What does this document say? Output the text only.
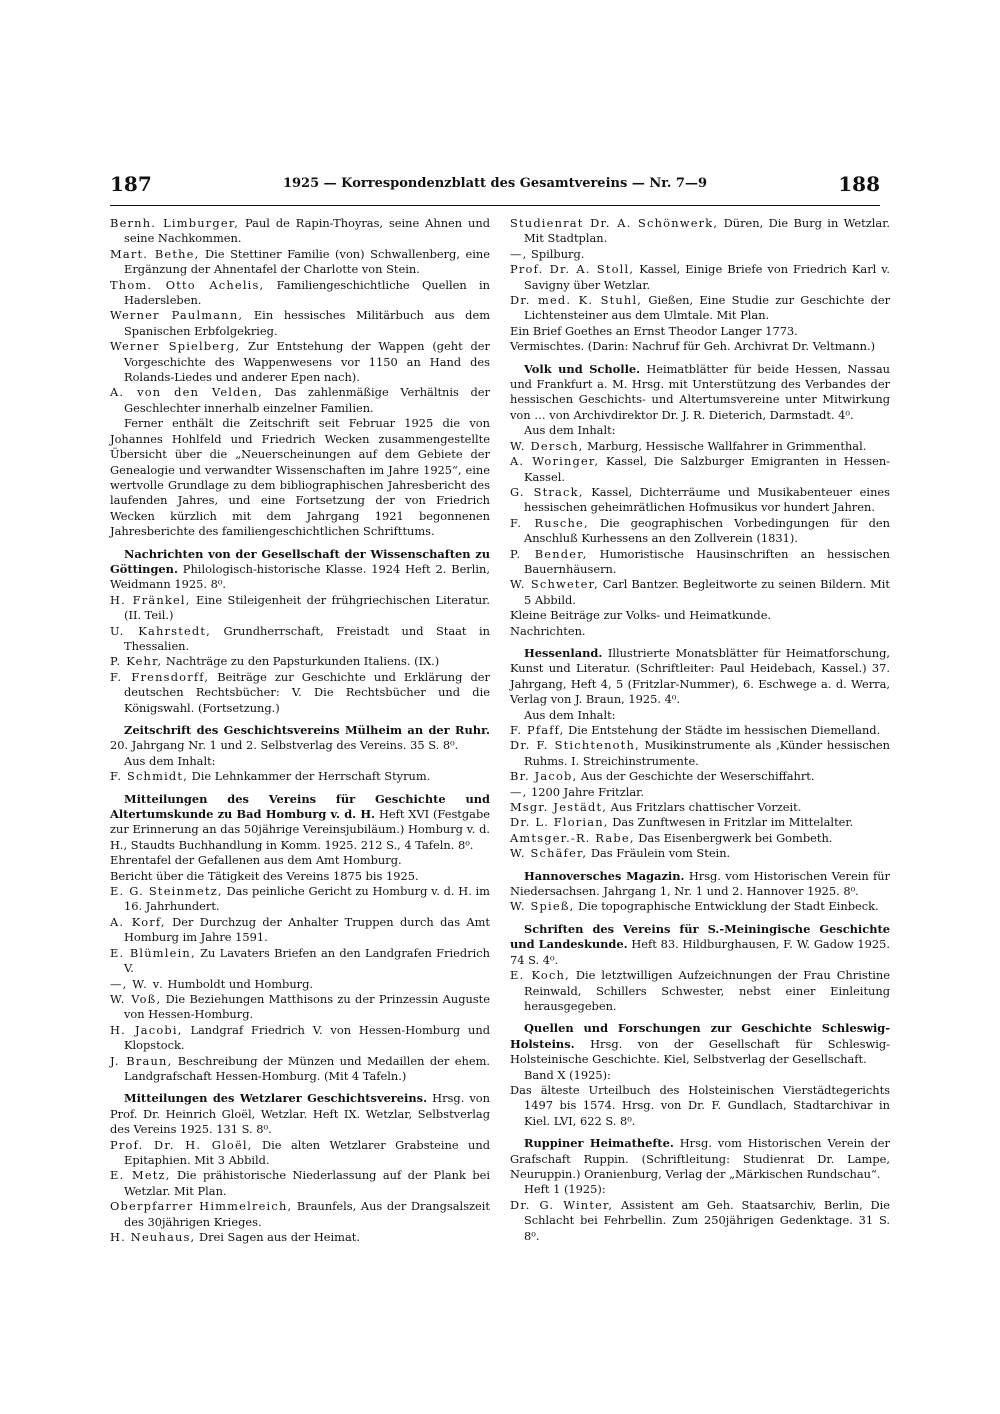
187	1925 — Korrespondenzblatt des Gesamtvereins — Nr. 7—9	188

Bernh. Limburger, Paul de Rapin-Thoyras, seine Ahnen und seine Nachkommen.

Mart. Bethe, Die Stettiner Familie (von) Schwallenberg, eine Ergänzung der Ahnentafel der Charlotte von Stein.

Thom. Otto Achelis, Familiengeschichtliche Quellen in Hadersleben.

Werner Paulmann, Ein hessisches Militärbuch aus dem Spanischen Erbfolgekrieg.

Werner Spielberg, Zur Entstehung der Wappen (geht der Vorgeschichte des Wappenwesens vor 1150 an Hand des Rolands-Liedes und anderer Epen nach).

A. von den Velden, Das zahlenmäßige Verhältnis der Geschlechter innerhalb einzelner Familien.

Ferner enthält die Zeitschrift seit Februar 1925 die von Johannes Hohlfeld und Friedrich Wecken zusammengestellte Übersicht über die „Neuerscheinungen auf dem Gebiete der Genealogie und verwandter Wissenschaften im Jahre 1925“, eine wertvolle Grundlage zu dem bibliographischen Jahresbericht des laufenden Jahres, und eine Fortsetzung der von Friedrich Wecken kürzlich mit dem Jahrgang 1921 begonnenen Jahresberichte des familiengeschichtlichen Schrifttums.

Nachrichten von der Gesellschaft der Wissenschaften zu Göttingen. Philologisch-historische Klasse. 1924 Heft 2. Berlin, Weidmann 1925. 8⁰.

H. Fränkel, Eine Stileigenheit der frühgriechischen Literatur. (II. Teil.)

U. Kahrstedt, Grundherrschaft, Freistadt und Staat in Thessalien.

P. Kehr, Nachträge zu den Papsturkunden Italiens. (IX.)

F. Frensdorff, Beiträge zur Geschichte und Erklärung der deutschen Rechtsbücher: V. Die Rechtsbücher und die Königswahl. (Fortsetzung.)

Zeitschrift des Geschichtsvereins Mülheim an der Ruhr. 20. Jahrgang Nr. 1 und 2. Selbstverlag des Vereins. 35 S. 8⁰.

Aus dem Inhalt:

F. Schmidt, Die Lehnkammer der Herrschaft Styrum.

Mitteilungen des Vereins für Geschichte und Altertumskunde zu Bad Homburg v. d. H. Heft XVI (Festgabe zur Erinnerung an das 50jährige Vereinsjubiläum.) Homburg v. d. H., Staudts Buchhandlung in Komm. 1925. 212 S., 4 Tafeln. 8⁰.

Ehrentafel der Gefallenen aus dem Amt Homburg.

Bericht über die Tätigkeit des Vereins 1875 bis 1925.

E. G. Steinmetz, Das peinliche Gericht zu Homburg v. d. H. im 16. Jahrhundert.

A. Korf, Der Durchzug der Anhalter Truppen durch das Amt Homburg im Jahre 1591.

E. Blümlein, Zu Lavaters Briefen an den Landgrafen Friedrich V.

—, W. v. Humboldt und Homburg.

W. Voß, Die Beziehungen Matthisons zu der Prinzessin Auguste von Hessen-Homburg.

H. Jacobi, Landgraf Friedrich V. von Hessen-Homburg und Klopstock.

J. Braun, Beschreibung der Münzen und Medaillen der ehem. Landgrafschaft Hessen-Homburg. (Mit 4 Tafeln.)

Mitteilungen des Wetzlarer Geschichtsvereins. Hrsg. von Prof. Dr. Heinrich Gloël, Wetzlar. Heft IX. Wetzlar, Selbstverlag des Vereins 1925. 131 S. 8⁰.

Prof. Dr. H. Gloël, Die alten Wetzlarer Grabsteine und Epitaphien. Mit 3 Abbild.

E. Metz, Die prähistorische Niederlassung auf der Plank bei Wetzlar. Mit Plan.

Oberpfarrer Himmelreich, Braunfels, Aus der Drangsalszeit des 30jährigen Krieges.

H. Neuhaus, Drei Sagen aus der Heimat.

Studienrat Dr. A. Schönwerk, Düren, Die Burg in Wetzlar. Mit Stadtplan.

—, Spilburg.

Prof. Dr. A. Stoll, Kassel, Einige Briefe von Friedrich Karl v. Savigny über Wetzlar.

Dr. med. K. Stuhl, Gießen, Eine Studie zur Geschichte der Lichtensteiner aus dem Ulmtale. Mit Plan.

Ein Brief Goethes an Ernst Theodor Langer 1773.

Vermischtes. (Darin: Nachruf für Geh. Archivrat Dr. Veltmann.)

Volk und Scholle. Heimatblätter für beide Hessen, Nassau und Frankfurt a. M. Hrsg. mit Unterstützung des Verbandes der hessischen Geschichts- und Altertumsvereine unter Mitwirkung von … von Archivdirektor Dr. J. R. Dieterich, Darmstadt. 4⁰.

Aus dem Inhalt:

W. Dersch, Marburg, Hessische Wallfahrer in Grimmenthal.

A. Woringer, Kassel, Die Salzburger Emigranten in Hessen-Kassel.

G. Strack, Kassel, Dichterräume und Musikabenteuer eines hessischen geheimrätlichen Hofmusikus vor hundert Jahren.

F. Rusche, Die geographischen Vorbedingungen für den Anschluß Kurhessens an den Zollverein (1831).

P. Bender, Humoristische Hausinschriften an hessischen Bauernhäusern.

W. Schweter, Carl Bantzer. Begleitworte zu seinen Bildern. Mit 5 Abbild.

Kleine Beiträge zur Volks- und Heimatkunde.

Nachrichten.

Hessenland. Illustrierte Monatsblätter für Heimatforschung, Kunst und Literatur. (Schriftleiter: Paul Heidebach, Kassel.) 37. Jahrgang, Heft 4, 5 (Fritzlar-Nummer), 6. Eschwege a. d. Werra, Verlag von J. Braun, 1925. 4⁰.

Aus dem Inhalt:

F. Pfaff, Die Entstehung der Städte im hessischen Diemelland.

Dr. F. Stichtenoth, Musikinstrumente als ‚Künder hessischen Ruhms. I. Streichinstrumente.

Br. Jacob, Aus der Geschichte der Weserschiffahrt.

—, 1200 Jahre Fritzlar.

Msgr. Jestädt, Aus Fritzlars chattischer Vorzeit.

Dr. L. Florian, Das Zunftwesen in Fritzlar im Mittelalter.

Amtsger.-R. Rabe, Das Eisenbergwerk bei Gombeth.

W. Schäfer, Das Fräulein vom Stein.

Hannoversches Magazin. Hrsg. vom Historischen Verein für Niedersachsen. Jahrgang 1, Nr. 1 und 2. Hannover 1925. 8⁰.

W. Spieß, Die topographische Entwicklung der Stadt Einbeck.

Schriften des Vereins für S.-Meiningische Geschichte und Landeskunde. Heft 83. Hildburghausen, F. W. Gadow 1925. 74 S. 4⁰.

E. Koch, Die letztwilligen Aufzeichnungen der Frau Christine Reinwald, Schillers Schwester, nebst einer Einleitung herausgegeben.

Quellen und Forschungen zur Geschichte Schleswig-Holsteins. Hrsg. von der Gesellschaft für Schleswig-Holsteinische Geschichte. Kiel, Selbstverlag der Gesellschaft.

Band X (1925):

Das älteste Urteilbuch des Holsteinischen Vierstädtegerichts 1497 bis 1574. Hrsg. von Dr. F. Gundlach, Stadtarchivar in Kiel. LVI, 622 S. 8⁰.

Ruppiner Heimathefte. Hrsg. vom Historischen Verein der Grafschaft Ruppin. (Schriftleitung: Studienrat Dr. Lampe, Neuruppin.) Oranienburg, Verlag der „Märkischen Rundschau“.

Heft 1 (1925):

Dr. G. Winter, Assistent am Geh. Staatsarchiv, Berlin, Die Schlacht bei Fehrbellin. Zum 250jährigen Gedenktage. 31 S. 8⁰.
